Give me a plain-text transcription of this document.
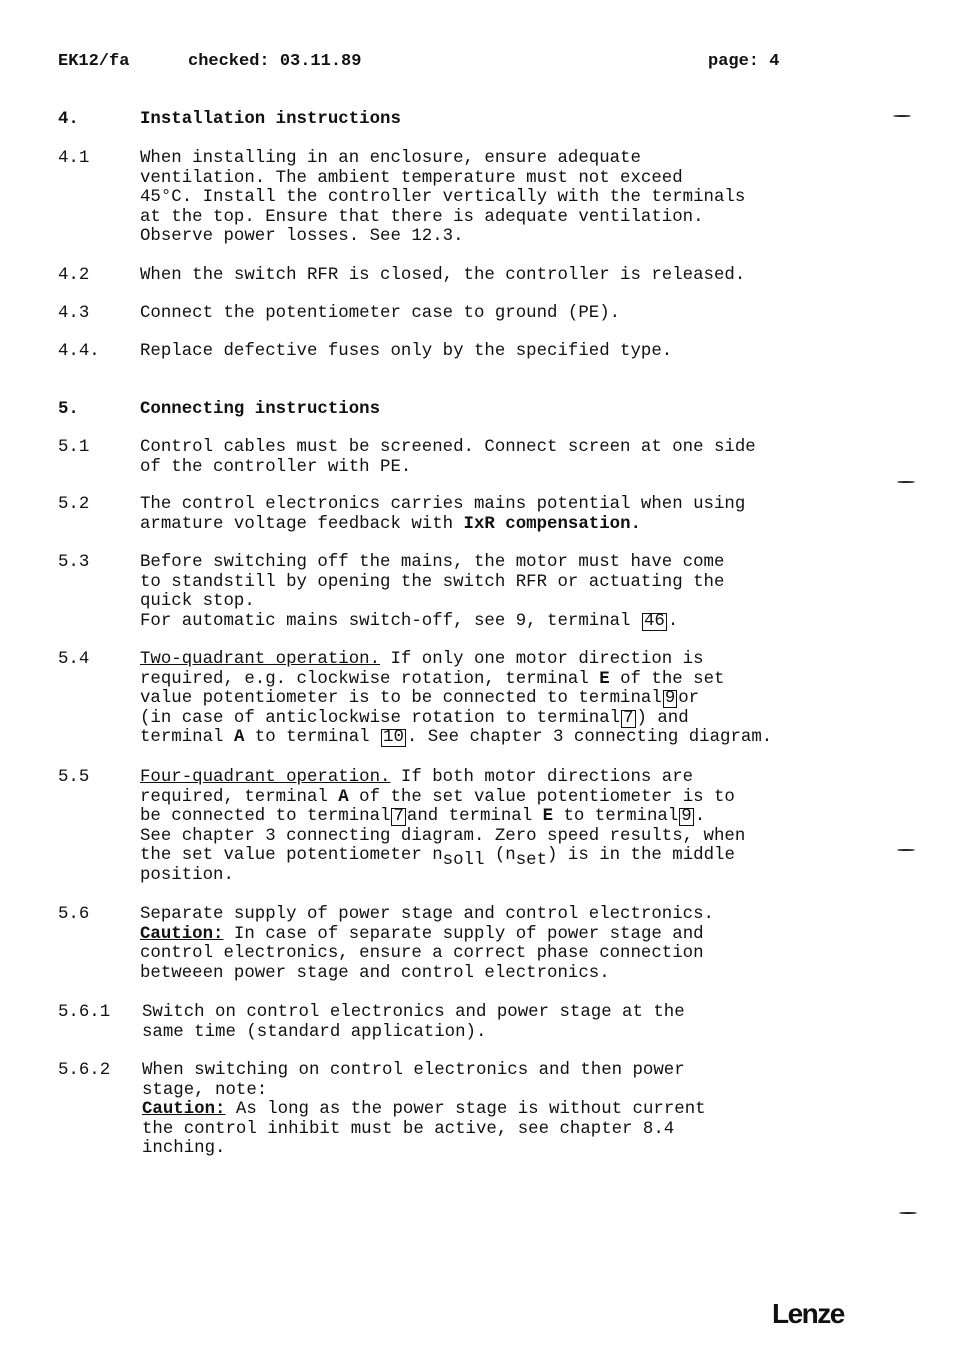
EK12/fa	checked: 03.11.89	page: 4
4.	Installation instructions
4.1	When installing in an enclosure, ensure adequate
ventilation. The ambient temperature must not exceed
45°C. Install the controller vertically with the terminals
at the top. Ensure that there is adequate ventilation.
Observe power losses. See 12.3.
4.2	When the switch RFR is closed, the controller is released.
4.3	Connect the potentiometer case to ground (PE).
4.4. Replace defective fuses only by the specified type.
5.	Connecting instructions
5.1	Control cables must be screened. Connect screen at one side
of the controller with PE.
5.2	The control electronics carries mains potential when using
armature voltage feedback with IxR compensation.
5.3	Before switching off the mains, the motor must have come
to standstill by opening the switch RFR or actuating the
quick stop.
For automatic mains switch-off, see 9, terminal 46 .
5.4	Two-quadrant operation. If only one motor direction is
required, e.g. clockwise rotation, terminal E of the set
value potentiometer is to be connected to terminal 9 or
(in case of anticlockwise rotation to terminal 7 ) and
terminal A to terminal 10 . See chapter 3 connecting diagram.
5.5	Four-quadrant operation. If both motor directions are
required, terminal A of the set value potentiometer is to
be connected to terminal 7 and terminal E to terminal 9 .
See chapter 3 connecting diagram. Zero speed results, when
the set value potentiometer $n_{soll}$ $(n_{set})$ is in the middle
position.
5.6	Separate supply of power stage and control electronics.
Caution: In case of separate supply of power stage and
control electronics, ensure a correct phase connection
betweeen power stage and control electronics.
5.6.1 Switch on control electronics and power stage at the
same time (standard application).
5.6.2 When switching on control electronics and then power
stage, note:
Caution: As long as the power stage is without current
the control inhibit must be active, see chapter 8.4
inching.
Lenze
